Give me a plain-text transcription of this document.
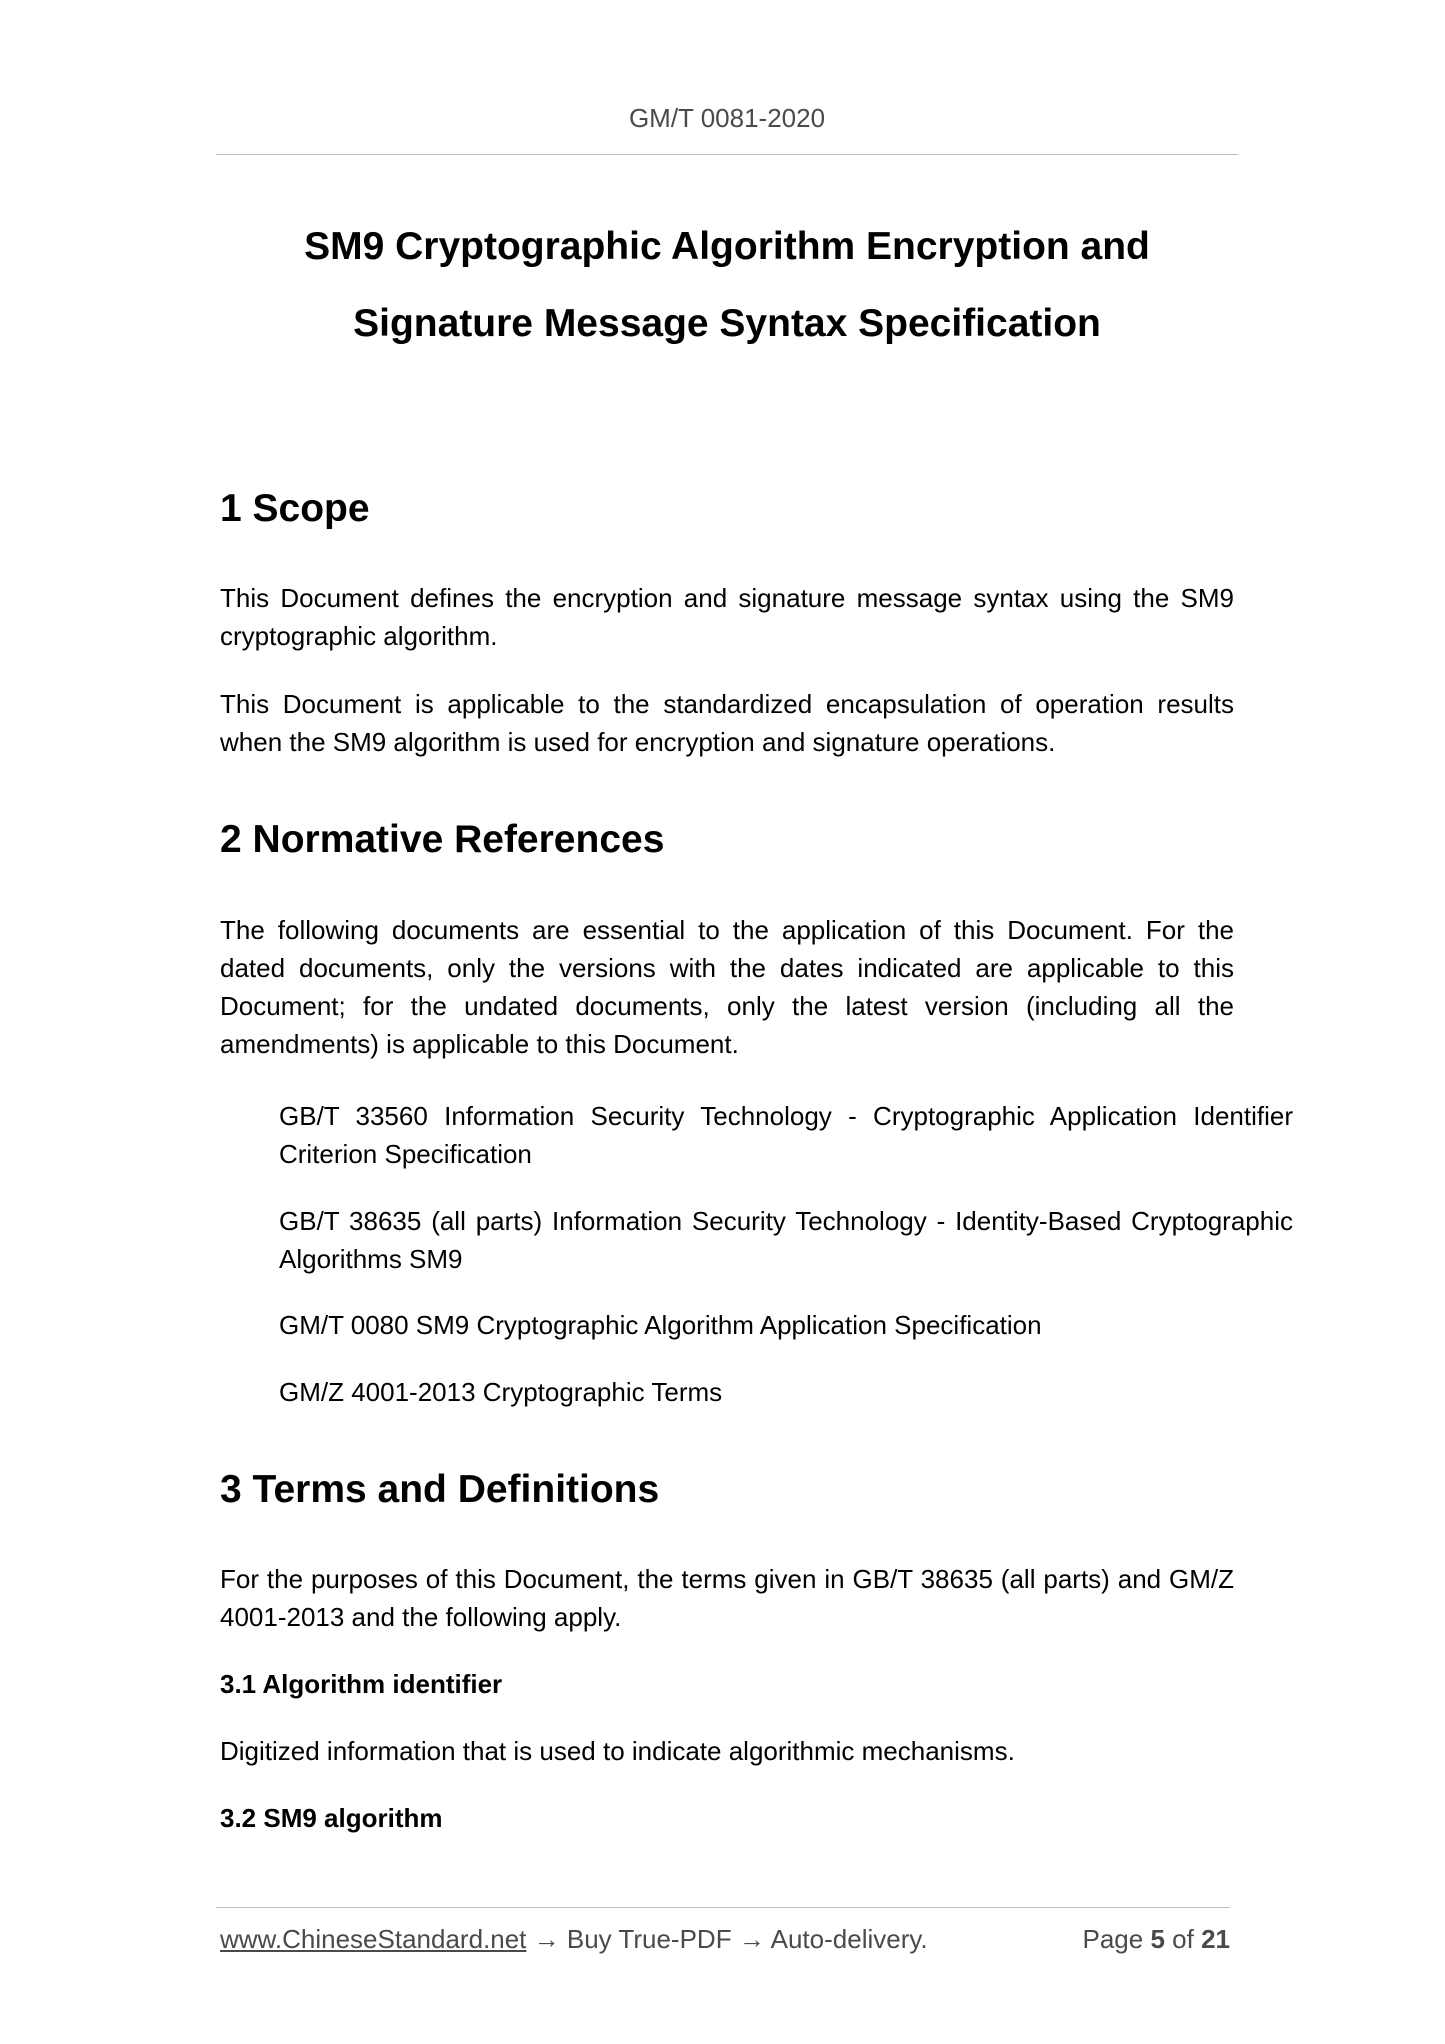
GM/T 0081-2020
SM9 Cryptographic Algorithm Encryption and
Signature Message Syntax Specification
1 Scope

This Document defines the encryption and signature message syntax using the SM9 cryptographic algorithm.

This Document is applicable to the standardized encapsulation of operation results when the SM9 algorithm is used for encryption and signature operations.

2 Normative References

The following documents are essential to the application of this Document. For the dated documents, only the versions with the dates indicated are applicable to this Document; for the undated documents, only the latest version (including all the amendments) is applicable to this Document.

GB/T 33560 Information Security Technology - Cryptographic Application Identifier Criterion Specification

GB/T 38635 (all parts) Information Security Technology - Identity-Based Cryptographic Algorithms SM9

GM/T 0080 SM9 Cryptographic Algorithm Application Specification

GM/Z 4001-2013 Cryptographic Terms

3 Terms and Definitions

For the purposes of this Document, the terms given in GB/T 38635 (all parts) and GM/Z 4001-2013 and the following apply.

3.1 Algorithm identifier

Digitized information that is used to indicate algorithmic mechanisms.

3.2 SM9 algorithm

www.ChineseStandard.net → Buy True-PDF → Auto-delivery.	Page 5 of 21
